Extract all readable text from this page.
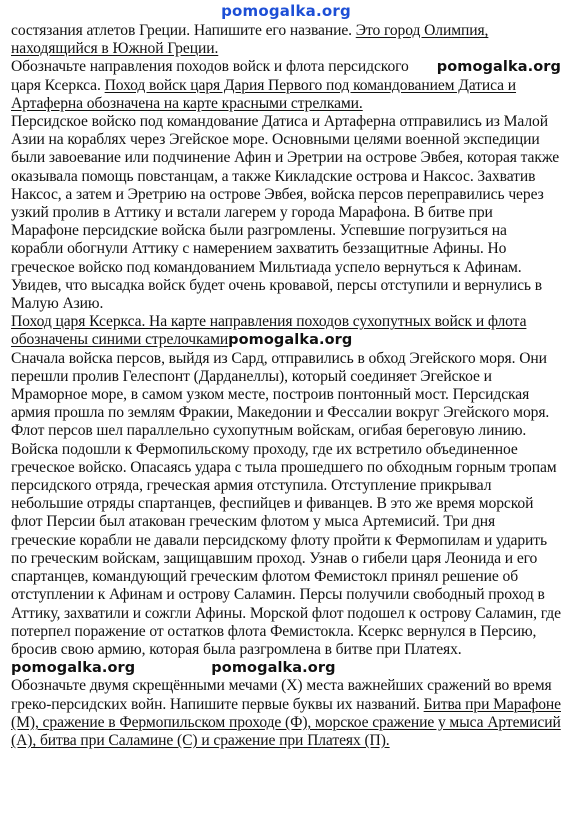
pomogalka.org

состязания атлетов Греции. Напишите его название. Это город Олимпия, находящийся в Южной Греции.

pomogalka.org
Обозначьте направления походов войск и флота персидского царя Ксеркса. Поход войск царя Дария Первого под командованием Датиса и Артаферна обозначена на карте красными стрелками.

Персидское войско под командование Датиса и Артаферна отправились из Малой Азии на кораблях через Эгейское море. Основными целями военной экспедиции были завоевание или подчинение Афин и Эретрии на острове Эвбея, которая также оказывала помощь повстанцам, а также Кикладские острова и Наксос. Захватив Наксос, а затем и Эретрию на острове Эвбея, войска персов переправились через узкий пролив в Аттику и встали лагерем у города Марафона. В битве при Марафоне персидские войска были разгромлены. Успевшие погрузиться на корабли обогнули Аттику с намерением захватить беззащитные Афины. Но греческое войско под командованием Мильтиада успело вернуться к Афинам. Увидев, что высадка войск будет очень кровавой, персы отступили и вернулись в Малую Азию.

Поход царя Ксеркса. На карте направления походов сухопутных войск и флота обозначены синими стрелочкамиpomogalka.org

Сначала войска персов, выйдя из Сард, отправились в обход Эгейского моря. Они перешли пролив Гелеспонт (Дарданеллы), который соединяет Эгейское и Мраморное море, в самом узком месте, построив понтонный мост. Персидская армия прошла по землям Фракии, Македонии и Фессалии вокруг Эгейского моря. Флот персов шел параллельно сухопутным войскам, огибая береговую линию. Войска подошли к Фермопильскому проходу, где их встретило объединенное греческое войско. Опасаясь удара с тыла прошедшего по обходным горным тропам персидского отряда, греческая армия отступила. Отступление прикрывал небольшие отряды спартанцев, феспийцев и фиванцев. В это же время морской флот Персии был атакован греческим флотом у мыса Артемисий. Три дня греческие корабли не давали персидскому флоту пройти к Фермопилам и ударить по греческим войскам, защищавшим проход. Узнав о гибели царя Леонида и его спартанцев, командующий греческим флотом Фемистокл принял решение об отступлении к Афинам и острову Саламин. Персы получили свободный проход в Аттику, захватили и сожгли Афины. Морской флот подошел к острову Саламин, где потерпел поражение от остатков флота Фемистокла. Ксеркс вернулся в Персию, бросив свою армию, которая была разгромлена в битве при Платеях.pomogalka.org	pomogalka.org

Обозначьте двумя скрещёнными мечами (X) места важнейших сражений во время греко-персидских войн. Напишите первые буквы их названий. Битва при Марафоне (М), сражение в Фермопильском проходе (Ф), морское сражение у мыса Артемисий (А), битва при Саламине (С) и сражение при Платеях (П).
